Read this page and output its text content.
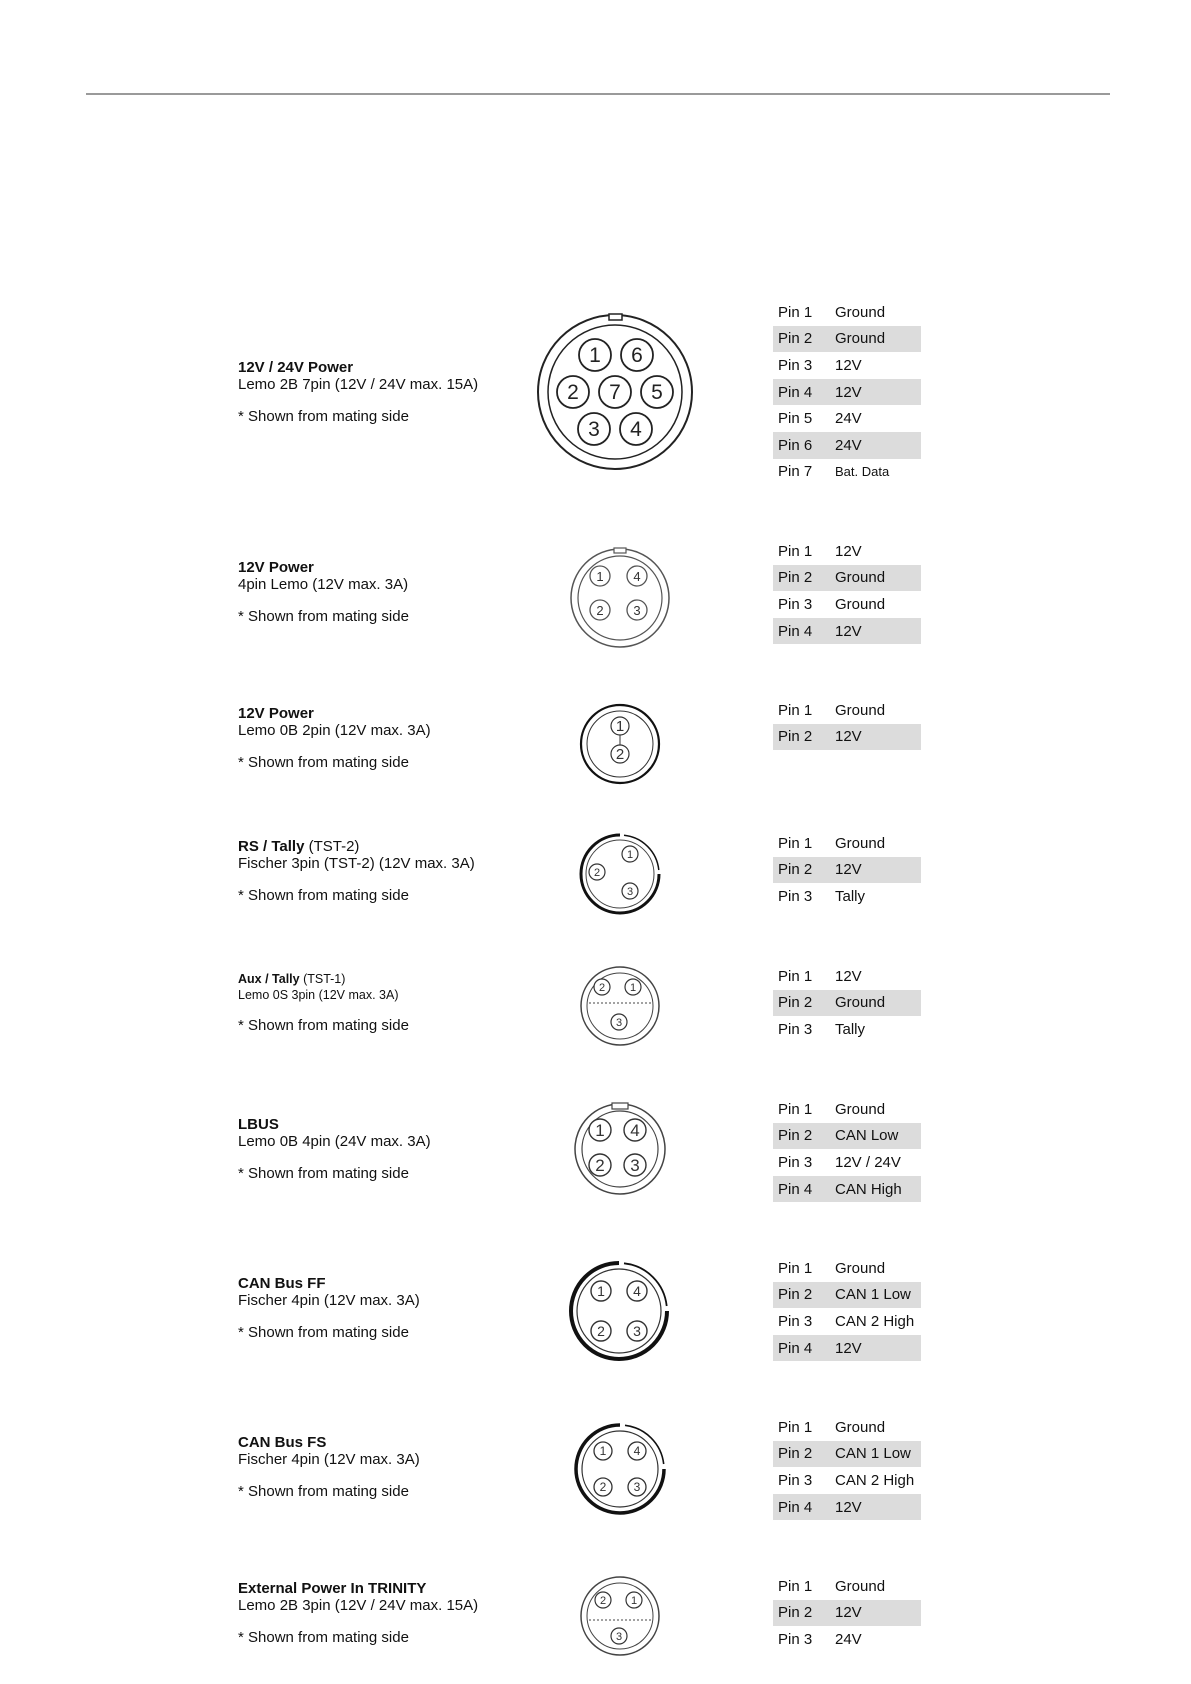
12V / 24V Power
Lemo 2B 7pin (12V / 24V max. 15A)
* Shown from mating side
1 6
2 7 5
3 4
Pin 1	Ground
Pin 2	Ground
Pin 3	12V
Pin 4	12V
Pin 5	24V
Pin 6	24V
Pin 7	Bat. Data
12V Power
4pin Lemo (12V max. 3A)
* Shown from mating side
1 4
2 3
Pin 1	12V
Pin 2	Ground
Pin 3	Ground
Pin 4	12V
12V Power
Lemo 0B 2pin (12V max. 3A)
* Shown from mating side
1
2
Pin 1	Ground
Pin 2	12V
RS / Tally (TST-2)
Fischer 3pin (TST-2) (12V max. 3A)
* Shown from mating side
1
2
3
Pin 1	Ground
Pin 2	12V
Pin 3	Tally
Aux / Tally (TST-1)
Lemo 0S 3pin (12V max. 3A)
* Shown from mating side
2 1
3
Pin 1	12V
Pin 2	Ground
Pin 3	Tally
LBUS
Lemo 0B 4pin (24V max. 3A)
* Shown from mating side
1 4
2 3
Pin 1	Ground
Pin 2	CAN Low
Pin 3	12V / 24V
Pin 4	CAN High
CAN Bus FF
Fischer 4pin (12V max. 3A)
* Shown from mating side
1 4
2 3
Pin 1	Ground
Pin 2	CAN 1 Low
Pin 3	CAN 2 High
Pin 4	12V
CAN Bus FS
Fischer 4pin (12V max. 3A)
* Shown from mating side
1 4
2 3
Pin 1	Ground
Pin 2	CAN 1 Low
Pin 3	CAN 2 High
Pin 4	12V
External Power In TRINITY
Lemo 2B 3pin (12V / 24V max. 15A)
* Shown from mating side
2 1
3
Pin 1	Ground
Pin 2	12V
Pin 3	24V
